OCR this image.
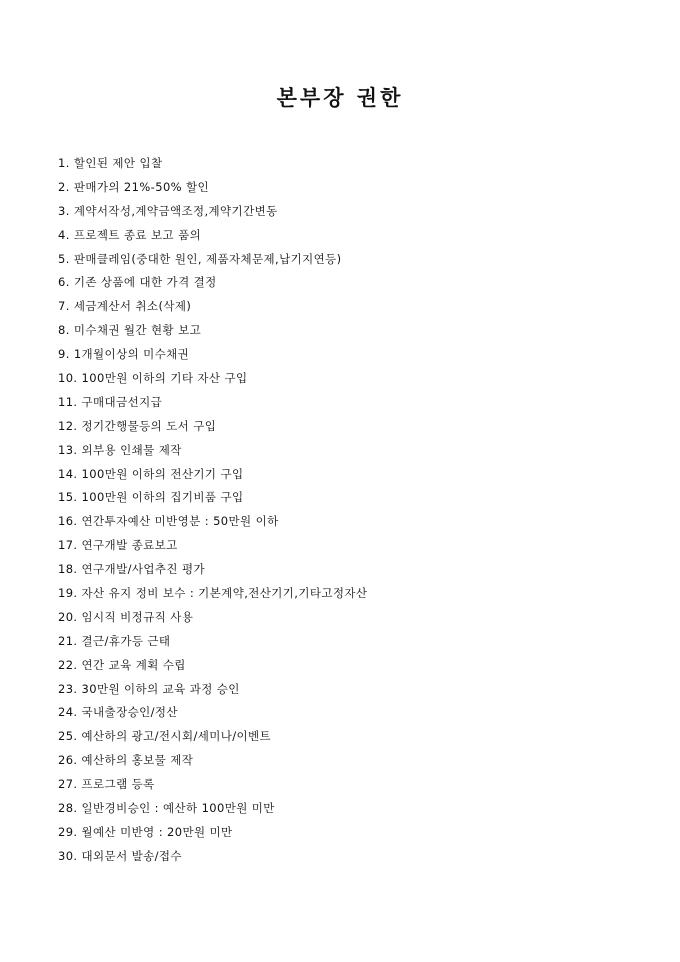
본부장 권한
1. 할인된 제안 입찰
2. 판매가의 21%-50% 할인
3. 계약서작성,계약금액조정,계약기간변동
4. 프로젝트 종료 보고 품의
5. 판매클레임(중대한 원인, 제품자체문제,납기지연등)
6. 기존 상품에 대한 가격 결정
7. 세금계산서 취소(삭제)
8. 미수채권 월간 현황 보고
9. 1개월이상의 미수채권
10. 100만원 이하의 기타 자산 구입
11. 구매대금선지급
12. 정기간행물등의 도서 구입
13. 외부용 인쇄물 제작
14. 100만원 이하의 전산기기 구입
15. 100만원 이하의 집기비품 구입
16. 연간투자예산 미반영분 : 50만원 이하
17. 연구개발 종료보고
18. 연구개발/사업추진 평가
19. 자산 유지 정비 보수 : 기본계약,전산기기,기타고정자산
20. 임시직 비정규직 사용
21. 결근/휴가등 근태
22. 연간 교육 계획 수립
23. 30만원 이하의 교육 과정 승인
24. 국내출장승인/정산
25. 예산하의 광고/전시회/세미나/이벤트
26. 예산하의 홍보물 제작
27. 프로그램 등록
28. 일반경비승인 : 예산하 100만원 미만
29. 월예산 미반영 : 20만원 미만
30. 대외문서 발송/접수
